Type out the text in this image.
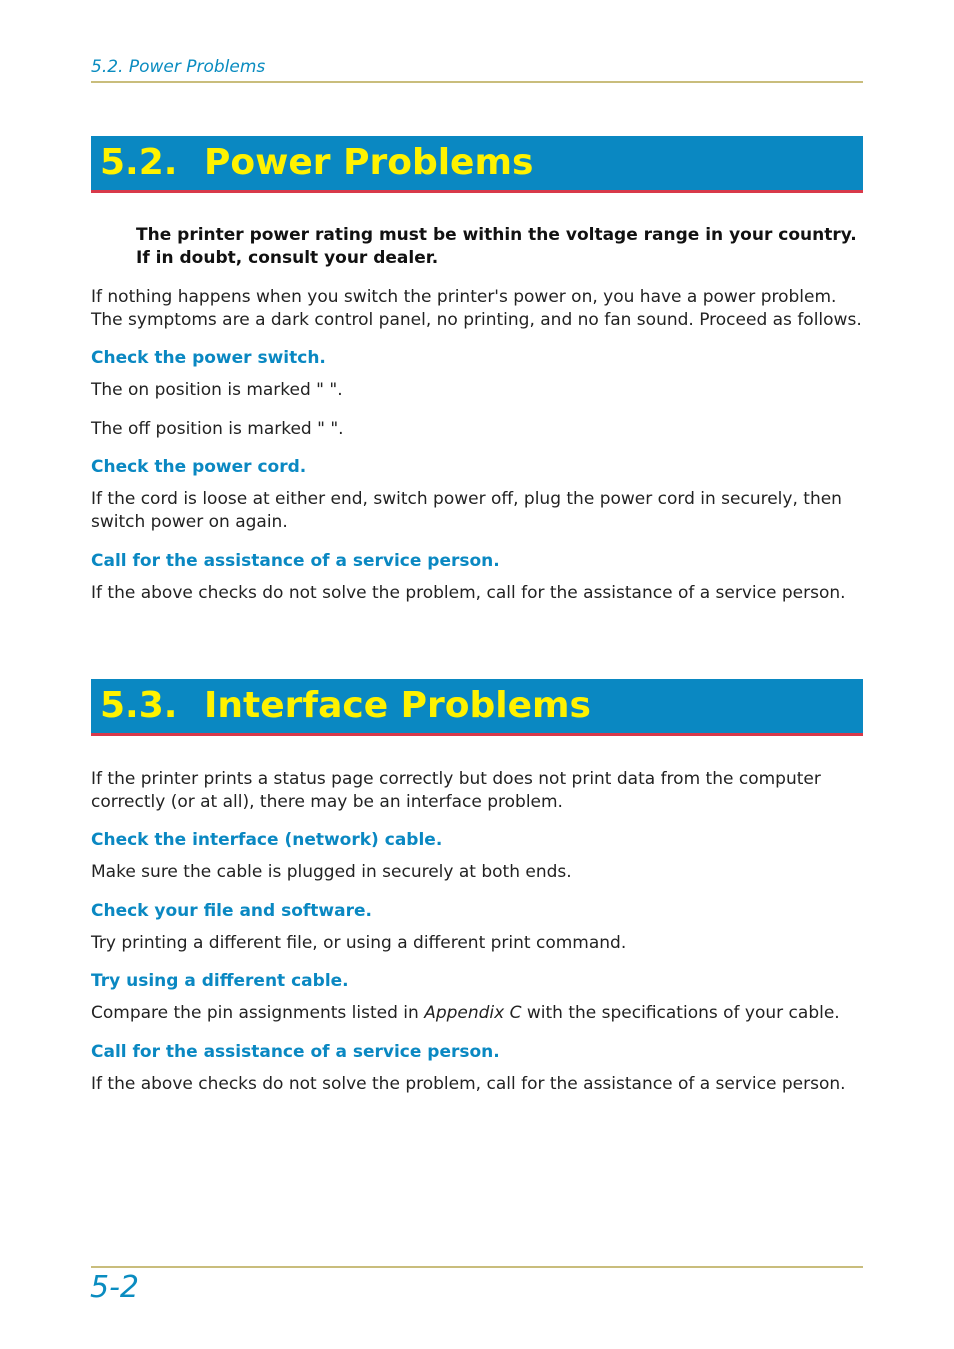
5.2. Power Problems
5.2. Power Problems
The printer power rating must be within the voltage range in your country. If in doubt, consult your dealer.
If nothing happens when you switch the printer's power on, you have a power problem. The symptoms are a dark control panel, no printing, and no fan sound. Proceed as follows.
Check the power switch.
The on position is marked " ".
The off position is marked " ".
Check the power cord.
If the cord is loose at either end, switch power off, plug the power cord in securely, then switch power on again.
Call for the assistance of a service person.
If the above checks do not solve the problem, call for the assistance of a service person.
5.3. Interface Problems
If the printer prints a status page correctly but does not print data from the computer correctly (or at all), there may be an interface problem.
Check the interface (network) cable.
Make sure the cable is plugged in securely at both ends.
Check your file and software.
Try printing a different file, or using a different print command.
Try using a different cable.
Compare the pin assignments listed in Appendix C with the specifications of your cable.
Call for the assistance of a service person.
If the above checks do not solve the problem, call for the assistance of a service person.
5-2
